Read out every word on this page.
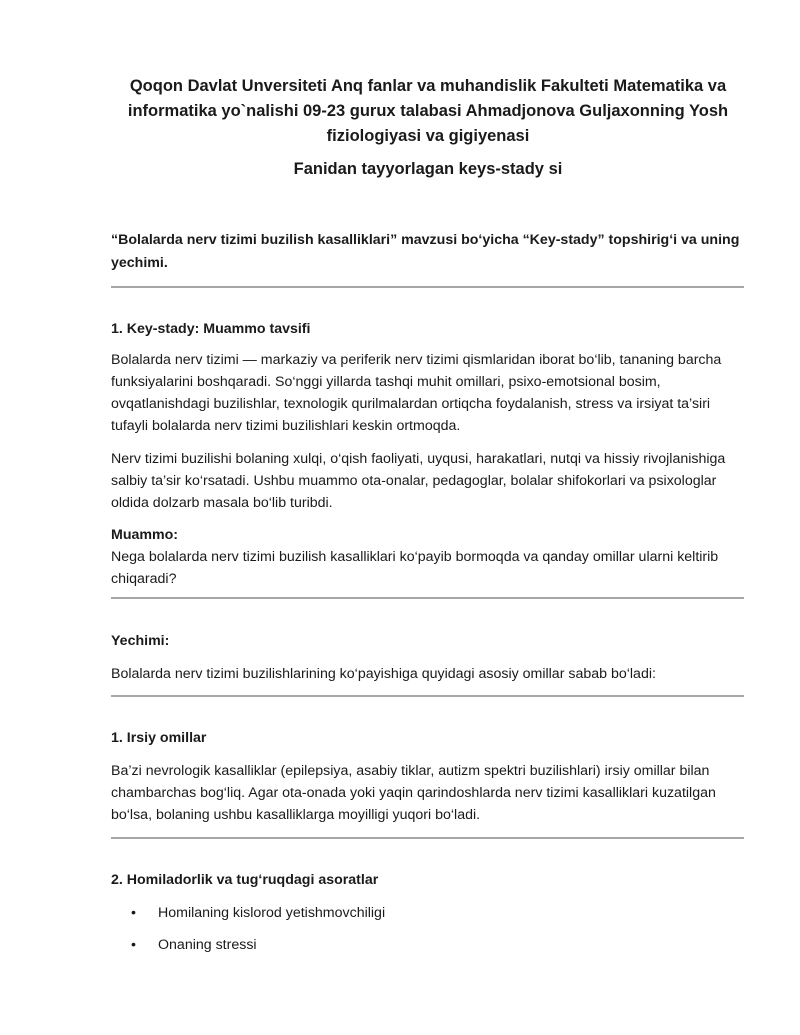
Qoqon Davlat Unversiteti Anq fanlar va muhandislik Fakulteti Matematika va informatika yo`nalishi 09-23 gurux talabasi Ahmadjonova Guljaxonning Yosh fiziologiyasi va gigiyenasi
Fanidan tayyorlagan keys-stady si
“Bolalarda nerv tizimi buzilish kasalliklari” mavzusi bo‘yicha “Key-stady” topshirig‘i va uning yechimi.
1. Key-stady: Muammo tavsifi
Bolalarda nerv tizimi — markaziy va periferik nerv tizimi qismlaridan iborat bo‘lib, tananing barcha funksiyalarini boshqaradi. So‘nggi yillarda tashqi muhit omillari, psixo-emotsional bosim, ovqatlanishdagi buzilishlar, texnologik qurilmalardan ortiqcha foydalanish, stress va irsiyat ta’siri tufayli bolalarda nerv tizimi buzilishlari keskin ortmoqda.
Nerv tizimi buzilishi bolaning xulqi, o‘qish faoliyati, uyqusi, harakatlari, nutqi va hissiy rivojlanishiga salbiy ta’sir ko‘rsatadi. Ushbu muammo ota-onalar, pedagoglar, bolalar shifokorlari va psixologlar oldida dolzarb masala bo‘lib turibdi.
Muammo:
Nega bolalarda nerv tizimi buzilish kasalliklari ko‘payib bormoqda va qanday omillar ularni keltirib chiqaradi?
Yechimi:
Bolalarda nerv tizimi buzilishlarining ko‘payishiga quyidagi asosiy omillar sabab bo‘ladi:
1. Irsiy omillar
Ba’zi nevrologik kasalliklar (epilepsiya, asabiy tiklar, autizm spektri buzilishlari) irsiy omillar bilan chambarchas bog‘liq. Agar ota-onada yoki yaqin qarindoshlarda nerv tizimi kasalliklari kuzatilgan bo‘lsa, bolaning ushbu kasalliklarga moyilligi yuqori bo‘ladi.
2. Homiladorlik va tug‘ruqdagi asoratlar
• Homilaning kislorod yetishmovchiligi
• Onaning stressi
